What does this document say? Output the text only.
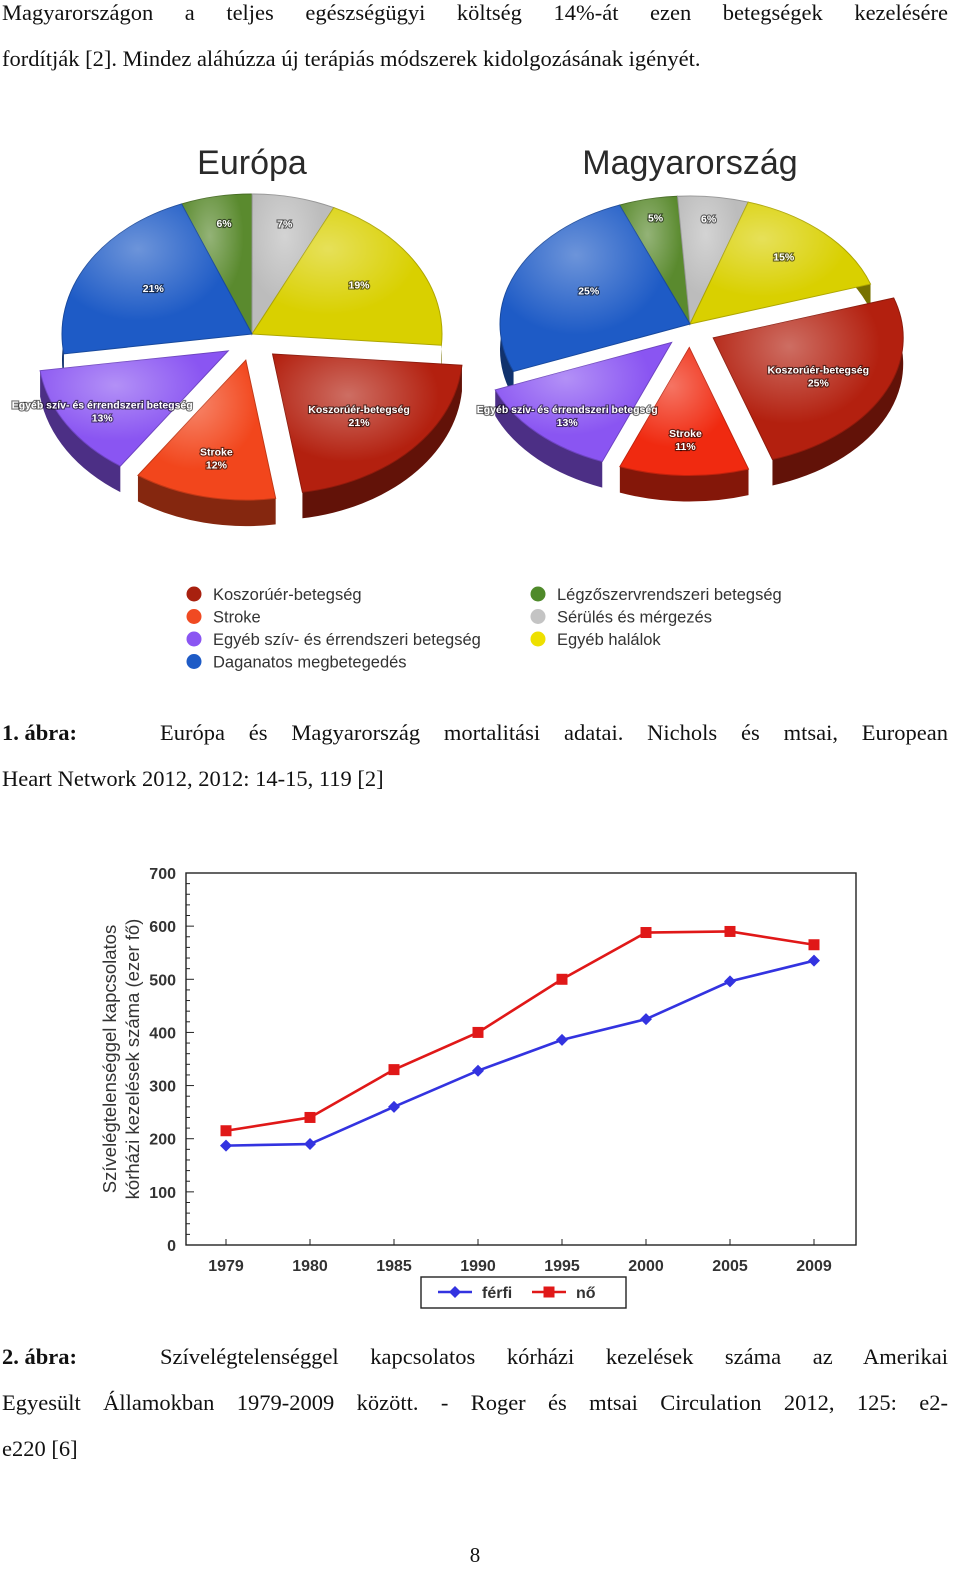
Magyarországon a teljes egészségügyi költség 14%-át ezen betegségek kezelésére

fordítják [2]. Mindez aláhúzza új terápiás módszerek kidolgozásának igényét.

Európa
6%	7%
19%
Koszorúér-betegség
21%
Stroke
12%
Egyéb szív- és érrendszeri betegség
13%
21%
Magyarország
5%	6%
15%
Koszorúér-betegség
25%
Stroke
11%
Egyéb szív- és érrendszeri betegség
13%
25%
Koszorúér-betegség
Stroke
Egyéb szív- és érrendszeri betegség
Daganatos megbetegedés
Légzőszervrendszeri betegség
Sérülés és mérgezés
Egyéb halálok
1. ábra:	Európa és Magyarország mortalitási adatai. Nichols és mtsai, European
Heart Network 2012, 2012: 14-15, 119 [2]
0
100
200
300
400
500
600
700
1979	1980	1985	1990	1995	2000	2005	2009
Szívelégtelenséggel kapcsolatos kórházi kezelések száma (ezer fő)
férfi	nő
2. ábra:	Szívelégtelenséggel kapcsolatos kórházi kezelések száma az Amerikai
Egyesült Államokban 1979-2009 között. - Roger és mtsai Circulation 2012, 125: e2-
e220 [6]
8
